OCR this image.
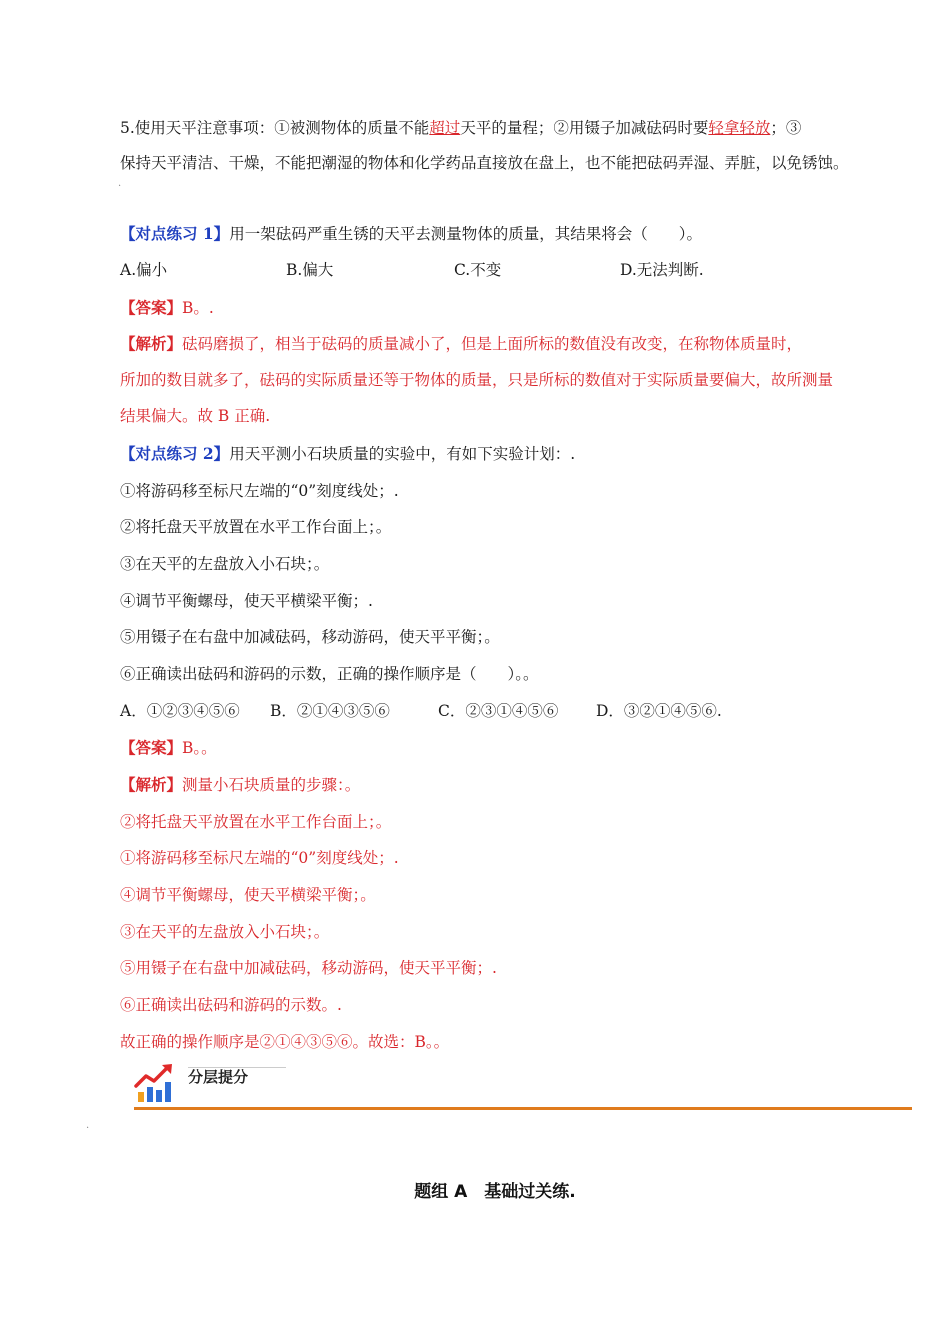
5.使用天平注意事项：①被测物体的质量不能超过天平的量程；②用镊子加减砝码时要轻拿轻放；③
保持天平清洁、干燥，不能把潮湿的物体和化学药品直接放在盘上，也不能把砝码弄湿、弄脏，以免锈蚀。
.
【对点练习 1】用一架砝码严重生锈的天平去测量物体的质量，其结果将会（　　）。
A.偏小	B.偏大	C.不变	D.无法判断.
【答案】B。.
【解析】砝码磨损了，相当于砝码的质量减小了，但是上面所标的数值没有改变，在称物体质量时，
所加的数目就多了，砝码的实际质量还等于物体的质量，只是所标的数值对于实际质量要偏大，故所测量
结果偏大。故 B 正确.
【对点练习 2】用天平测小石块质量的实验中，有如下实验计划：.
①将游码移至标尺左端的“0”刻度线处；.
②将托盘天平放置在水平工作台面上；。
③在天平的左盘放入小石块；。
④调节平衡螺母，使天平横梁平衡；.
⑤用镊子在右盘中加减砝码，移动游码，使天平平衡；。
⑥正确读出砝码和游码的示数，正确的操作顺序是（　　）。。
A．①②③④⑤⑥ B．②①④③⑤⑥	C．②③①④⑤⑥ D．③②①④⑤⑥.
【答案】B。。
【解析】测量小石块质量的步骤：。
②将托盘天平放置在水平工作台面上；。
①将游码移至标尺左端的“0”刻度线处；.
④调节平衡螺母，使天平横梁平衡；。
③在天平的左盘放入小石块；。
⑤用镊子在右盘中加减砝码，移动游码，使天平平衡；.
⑥正确读出砝码和游码的示数。.
故正确的操作顺序是②①④③⑤⑥。故选：B。。
分层提分
.
题组 A　基础过关练.
